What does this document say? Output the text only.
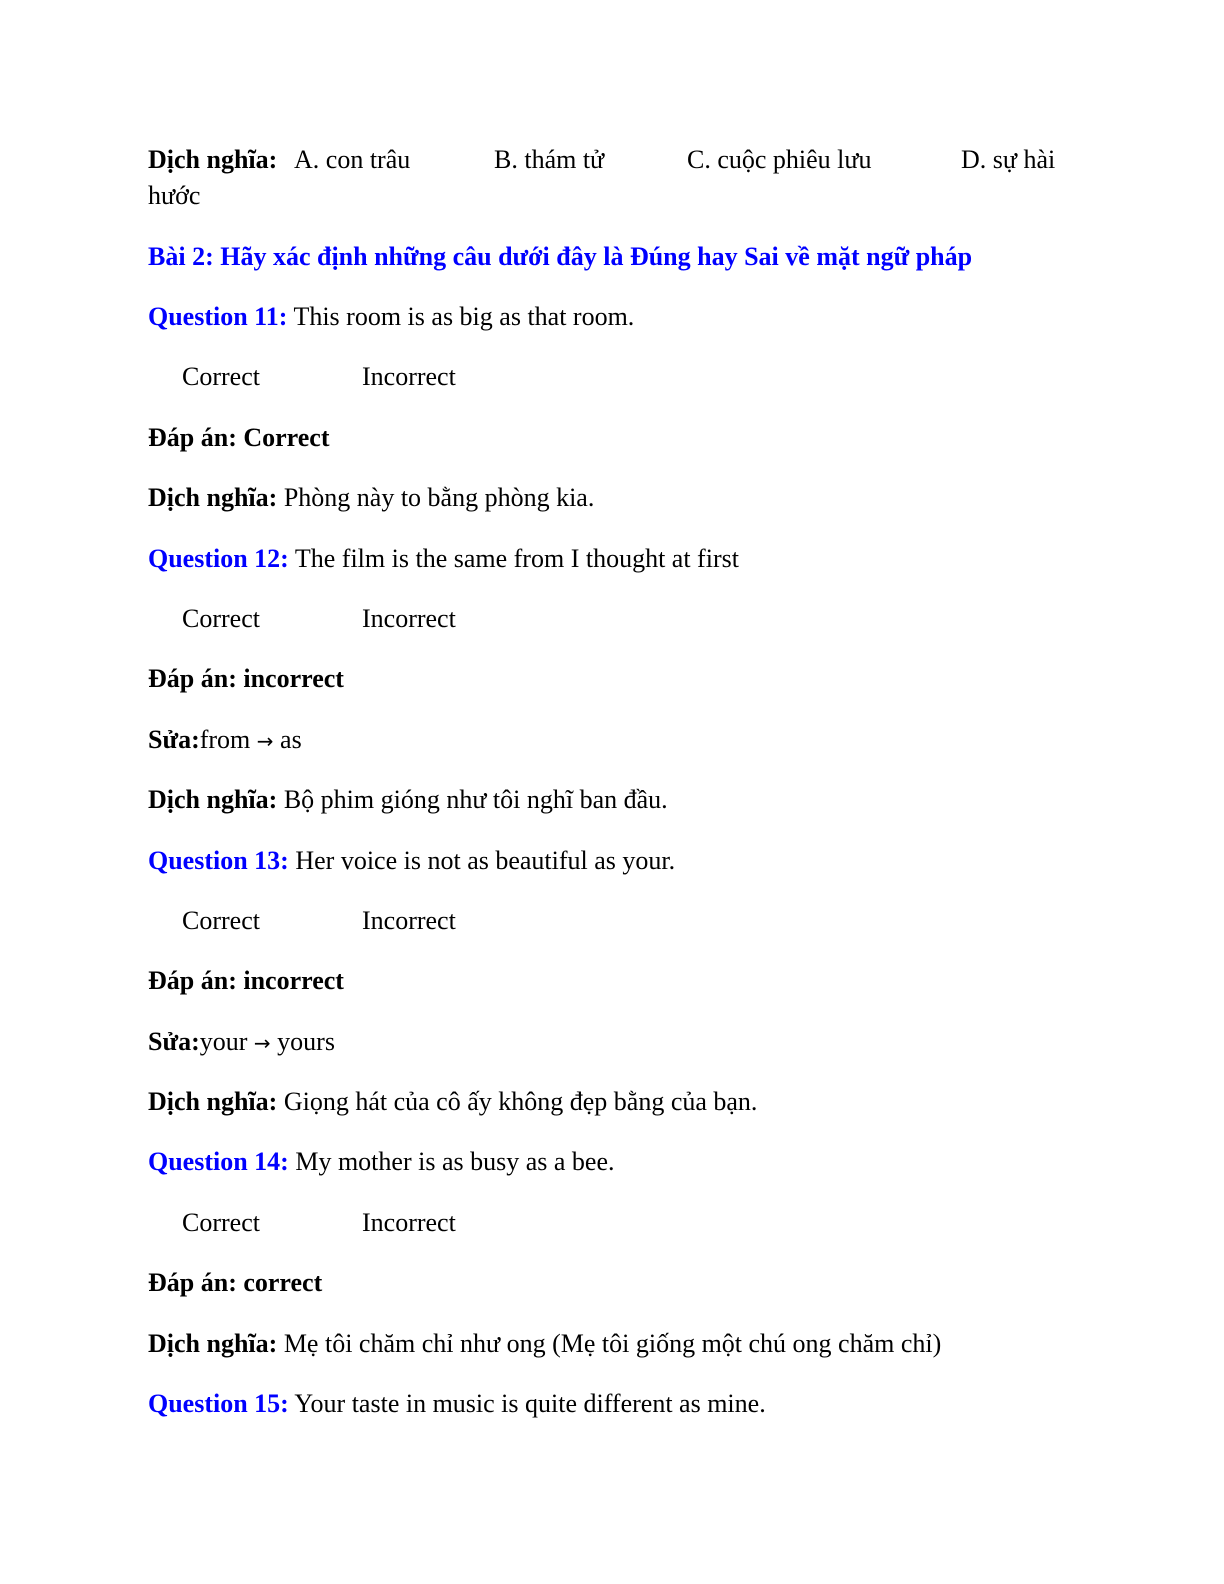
Dịch nghĩa: A. con trâu	B. thám tử	C. cuộc phiêu lưu	D. sự hài
hước
Bài 2: Hãy xác định những câu dưới đây là Đúng hay Sai về mặt ngữ pháp
Question 11: This room is as big as that room.
Correct	Incorrect
Đáp án: Correct
Dịch nghĩa: Phòng này to bằng phòng kia.
Question 12: The film is the same from I thought at first
Correct	Incorrect
Đáp án: incorrect
Sửa:from → as
Dịch nghĩa: Bộ phim gióng như tôi nghĩ ban đầu.
Question 13: Her voice is not as beautiful as your.
Correct	Incorrect
Đáp án: incorrect
Sửa:your → yours
Dịch nghĩa: Giọng hát của cô ấy không đẹp bằng của bạn.
Question 14: My mother is as busy as a bee.
Correct	Incorrect
Đáp án: correct
Dịch nghĩa: Mẹ tôi chăm chỉ như ong (Mẹ tôi giống một chú ong chăm chỉ)
Question 15: Your taste in music is quite different as mine.
